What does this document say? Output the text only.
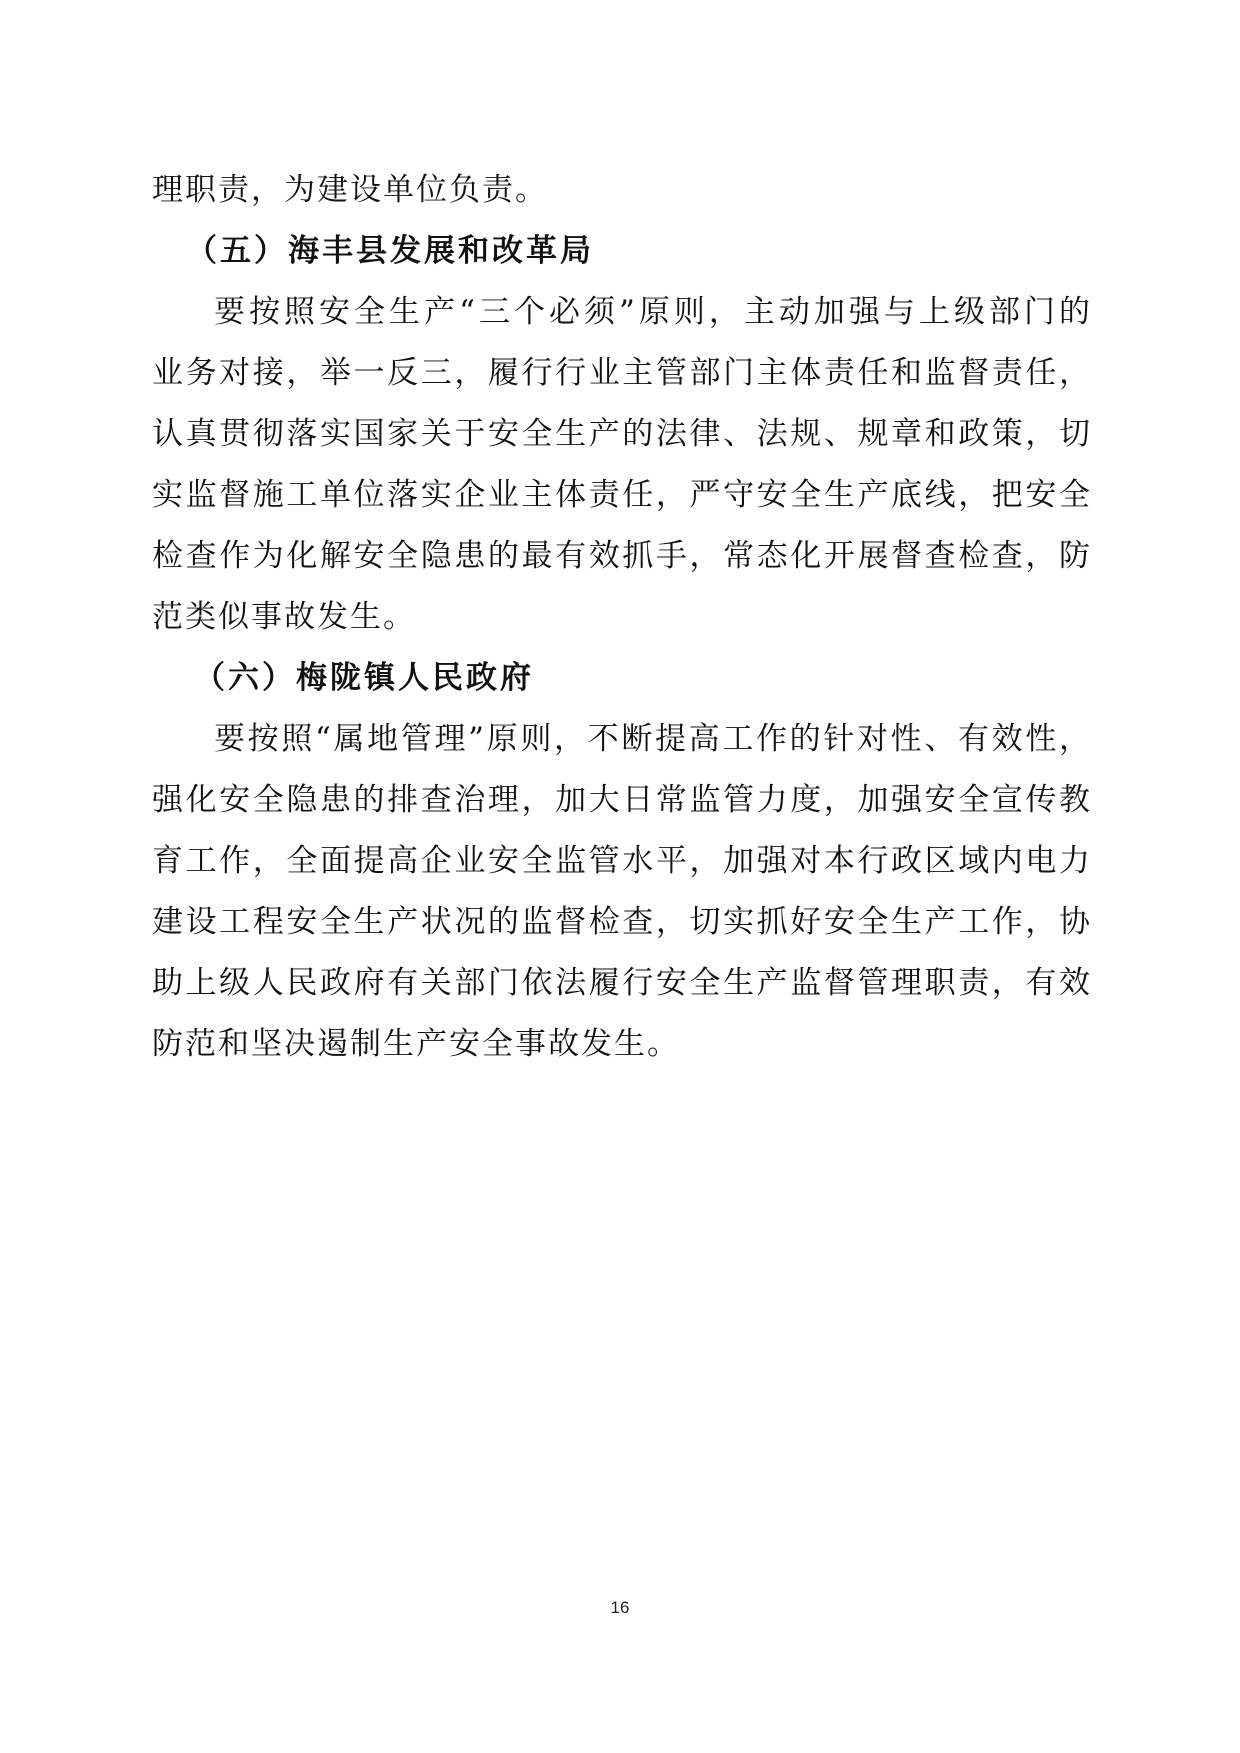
理职责，为建设单位负责。
（五）海丰县发展和改革局
要按照安全生产“三个必须”原则，主动加强与上级部门的
业务对接，举一反三，履行行业主管部门主体责任和监督责任，
认真贯彻落实国家关于安全生产的法律、法规、规章和政策，切
实监督施工单位落实企业主体责任，严守安全生产底线，把安全
检查作为化解安全隐患的最有效抓手，常态化开展督查检查，防
范类似事故发生。
（六）梅陇镇人民政府
要按照“属地管理”原则，不断提高工作的针对性、有效性，
强化安全隐患的排查治理，加大日常监管力度，加强安全宣传教
育工作，全面提高企业安全监管水平，加强对本行政区域内电力
建设工程安全生产状况的监督检查，切实抓好安全生产工作，协
助上级人民政府有关部门依法履行安全生产监督管理职责，有效
防范和坚决遏制生产安全事故发生。
16
